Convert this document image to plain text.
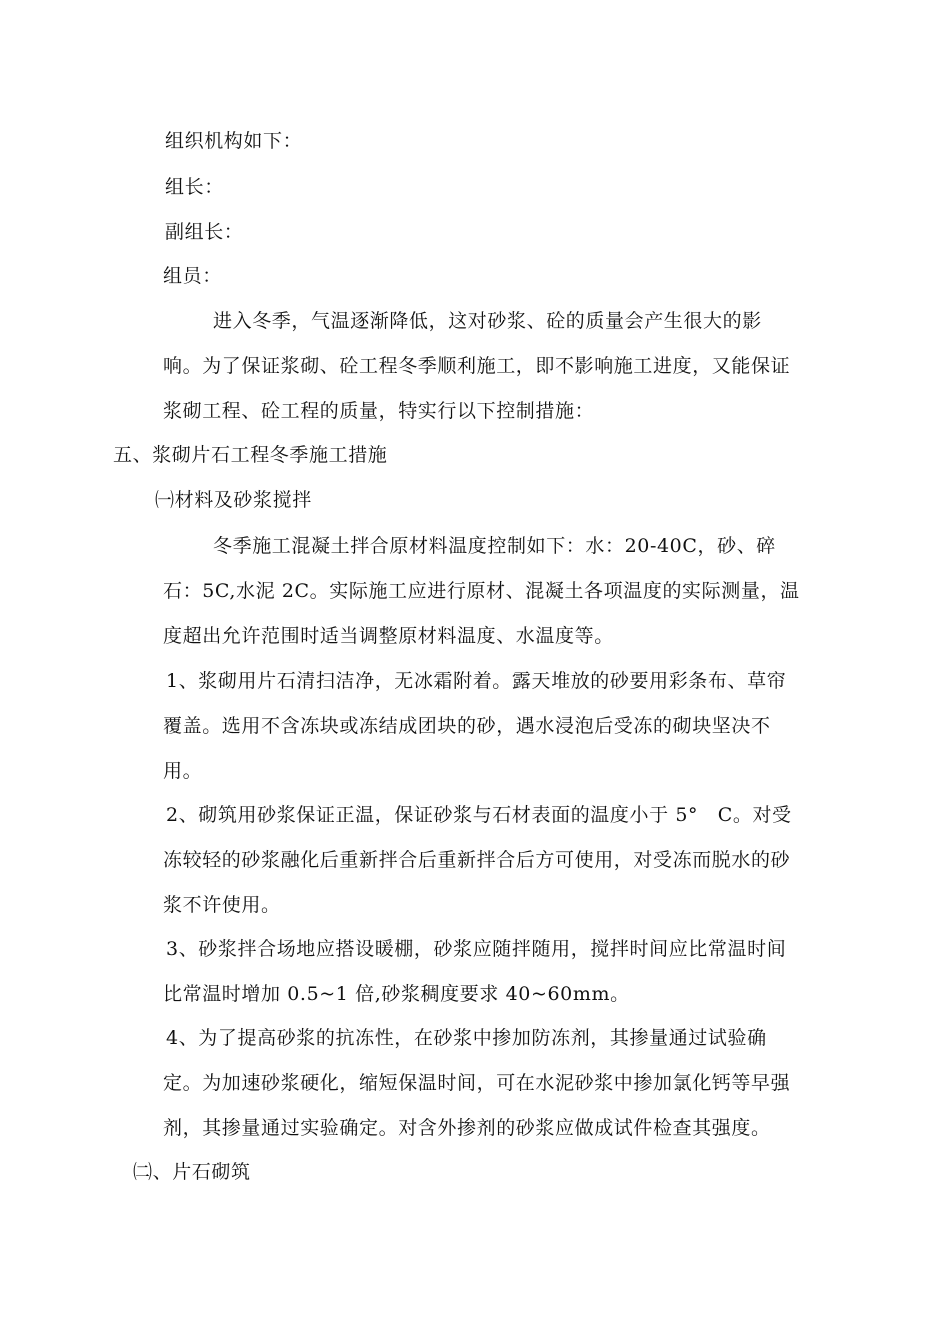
组织机构如下：
组长：
副组长：
组员：
进入冬季，气温逐渐降低，这对砂浆、砼的质量会产生很大的影
响。为了保证浆砌、砼工程冬季顺利施工，即不影响施工进度，又能保证
浆砌工程、砼工程的质量，特实行以下控制措施：
五、浆砌片石工程冬季施工措施
㈠材料及砂浆搅拌
冬季施工混凝土拌合原材料温度控制如下：水：20-40C，砂、碎
石：5C,水泥 2C。实际施工应进行原材、混凝土各项温度的实际测量，温
度超出允许范围时适当调整原材料温度、水温度等。
1、浆砌用片石清扫洁净，无冰霜附着。露天堆放的砂要用彩条布、草帘
覆盖。选用不含冻块或冻结成团块的砂，遇水浸泡后受冻的砌块坚决不
用。
2、砌筑用砂浆保证正温，保证砂浆与石材表面的温度小于 5°　C。对受
冻较轻的砂浆融化后重新拌合后重新拌合后方可使用，对受冻而脱水的砂
浆不许使用。
3、砂浆拌合场地应搭设暖棚，砂浆应随拌随用，搅拌时间应比常温时间
比常温时增加 0.5~1 倍,砂浆稠度要求 40~60mm。
4、为了提高砂浆的抗冻性，在砂浆中掺加防冻剂，其掺量通过试验确
定。为加速砂浆硬化，缩短保温时间，可在水泥砂浆中掺加氯化钙等早强
剂，其掺量通过实验确定。对含外掺剂的砂浆应做成试件检查其强度。
㈡、片石砌筑
